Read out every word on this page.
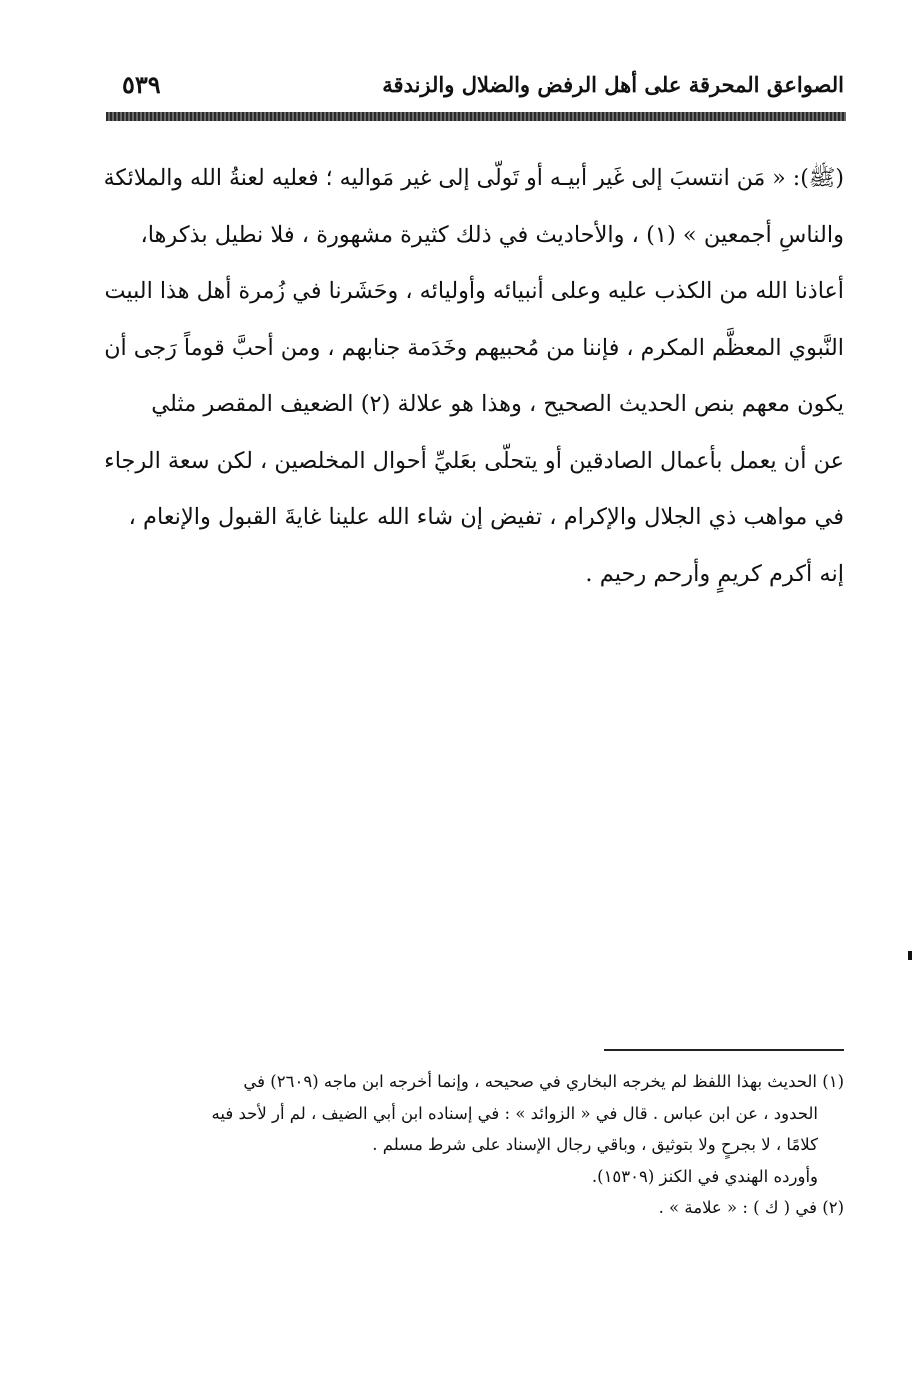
الصواعق المحرقة على أهل الرفض والضلال والزندقة
٥٣٩
(ﷺ): « مَن انتسبَ إلى غَير أبيـه أو تَولّى إلى غير مَواليه ؛ فعليه لعنةُ الله والملائكة
والناسِ أجمعين » (١) ، والأحاديث في ذلك كثيرة مشهورة ، فلا نطيل بذكرها،
أعاذنا الله من الكذب عليه وعلى أنبيائه وأوليائه ، وحَشَرنا في زُمرة أهل هذا البيت
النَّبوي المعظَّم المكرم ، فإننا من مُحبيهم وخَدَمة جنابهم ، ومن أحبَّ قوماً رَجى أن
يكون معهم بنص الحديث الصحيح ، وهذا هو علالة (٢) الضعيف المقصر مثلي
عن أن يعمل بأعمال الصادقين أو يتحلّى بعَليِّ أحوال المخلصين ، لكن سعة الرجاء
في مواهب ذي الجلال والإكرام ، تفيض إن شاء الله علينا غايةَ القبول والإنعام ،
إنه أكرم كريمٍ وأرحم رحيم .
(١) الحديث بهذا اللفظ لم يخرجه البخاري في صحيحه ، وإنما أخرجه ابن ماجه (٢٦٠٩) في
الحدود ، عن ابن عباس . قال في « الزوائد » : في إسناده ابن أبي الضيف ، لم أر لأحد فيه
كلامًا ، لا بجرحٍ ولا بتوثيق ، وباقي رجال الإسناد على شرط مسلم .
وأورده الهندي في الكنز (١٥٣٠٩).
(٢) في ( ك ) : « علامة » .
